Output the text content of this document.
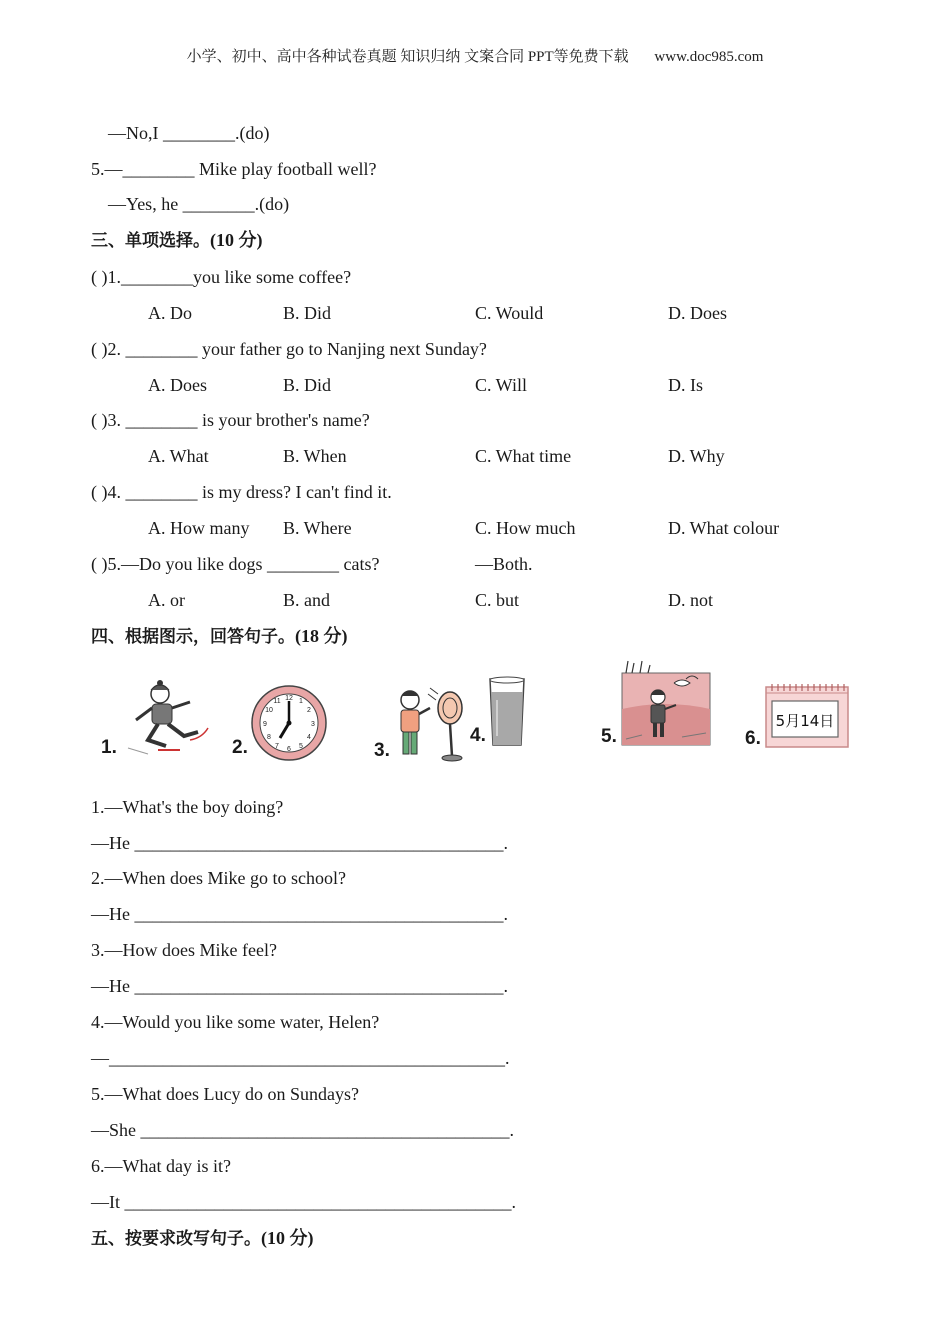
小学、初中、高中各种试卷真题 知识归纳 文案合同 PPT等免费下载 www.doc985.com
—No,I ________.(do)
5.—________ Mike play football well?
—Yes, he ________.(do)
三、单项选择。(10 分)
( )1.________you like some coffee?
A. Do	B. Did	C. Would	D. Does
( )2. ________ your father go to Nanjing next Sunday?
A. Does	B. Did	C. Will	D. Is
( )3. ________ is your brother's name?
A. What	B. When	C. What time	D. Why
( )4. ________ is my dress? I can't find it.
A. How many B. Where	C. How much	D. What colour
( )5.—Do you like dogs ________ cats?	—Both.
A. or	B. and	C. but	D. not
四、根据图示，回答句子。(18 分)
1.	2.
12 1
2
3
4
5
6
7
8
9
10
11
3.
4.	5.	6.
5月14日
1.—What's the boy doing?
—He _________________________________________.
2.—When does Mike go to school?
—He _________________________________________.
3.—How does Mike feel?
—He _________________________________________.
4.—Would you like some water, Helen?
—____________________________________________.
5.—What does Lucy do on Sundays?
—She _________________________________________.
6.—What day is it?
—It ___________________________________________.
五、按要求改写句子。(10 分)
